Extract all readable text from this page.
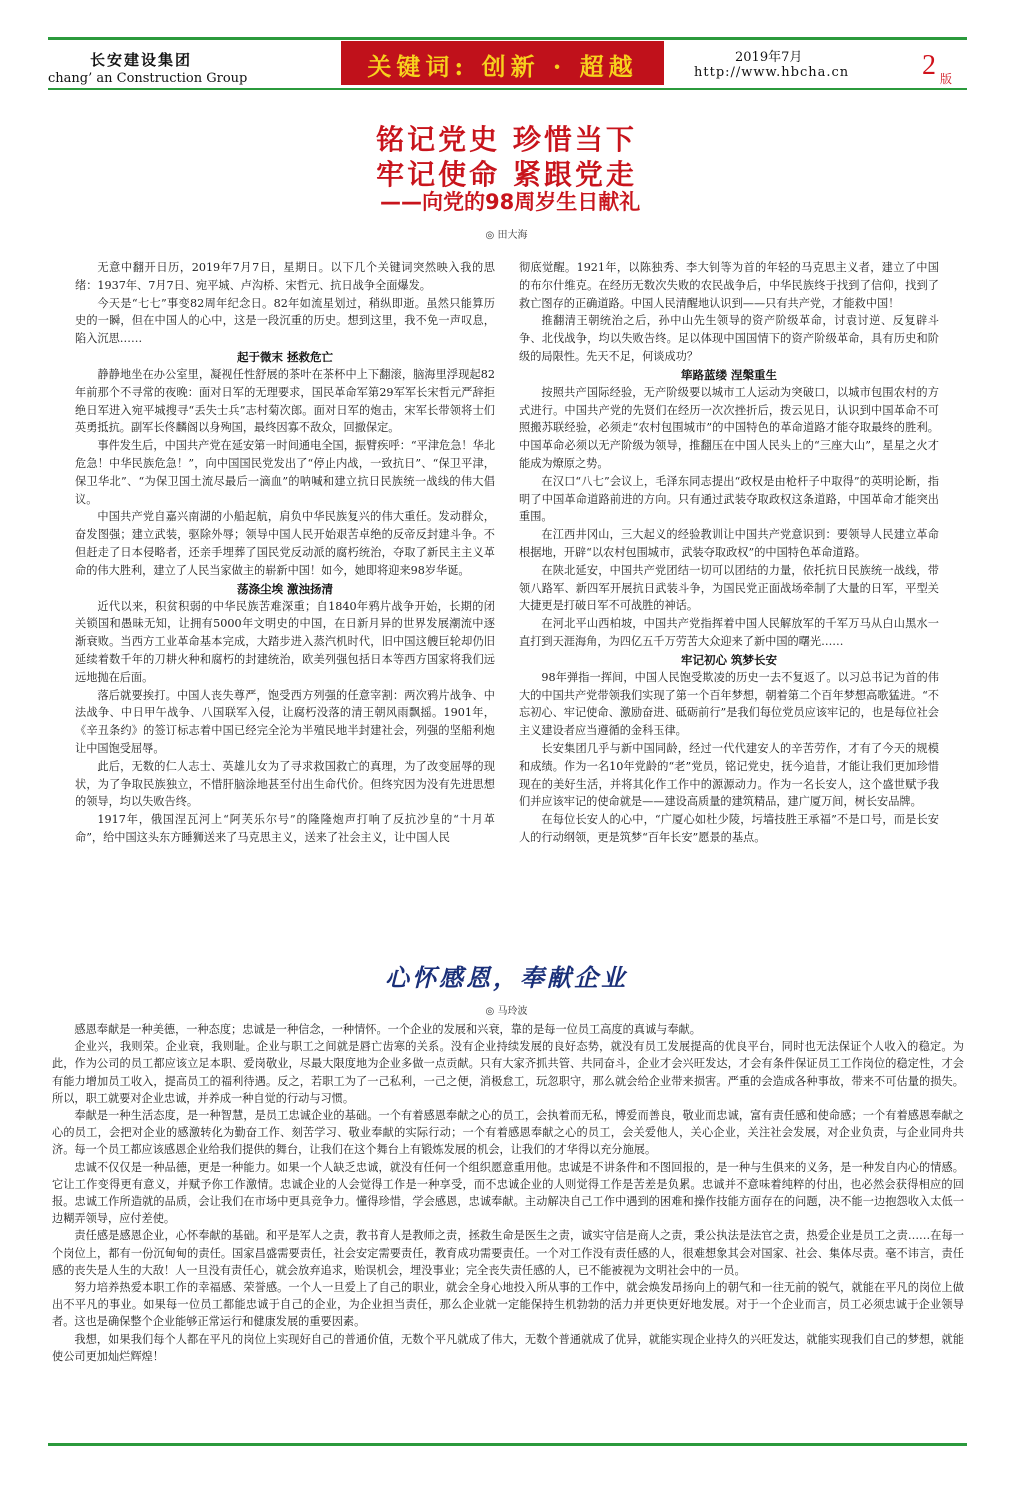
长安建设集团
chang’ an Construction Group	关键词: 创新 · 超越	2019年7月
http://www.hbcha.cn	2 版
铭记党史 珍惜当下
牢记使命 紧跟党走
——向党的98周岁生日献礼
◎ 田大海

无意中翻开日历，2019年7月7日，星期日。以下几个关键词突然映入我的思绪：1937年、7月7日、宛平城、卢沟桥、宋哲元、抗日战争全面爆发。

今天是“七七”事变82周年纪念日。82年如流星划过，稍纵即逝。虽然只能算历史的一瞬，但在中国人的心中，这是一段沉重的历史。想到这里，我不免一声叹息，陷入沉思……

起于微末 拯救危亡

静静地坐在办公室里，凝视任性舒展的茶叶在茶杯中上下翻滚，脑海里浮现起82年前那个不寻常的夜晚：面对日军的无理要求，国民革命军第29军军长宋哲元严辞拒绝日军进入宛平城搜寻“丢失士兵”志村菊次郎。面对日军的炮击，宋军长带领将士们英勇抵抗。副军长佟麟阁以身殉国，最终因寡不敌众，回撤保定。

事件发生后，中国共产党在延安第一时间通电全国，振臂疾呼：“平津危急！华北危急！中华民族危急！”，向中国国民党发出了“停止内战，一致抗日”、“保卫平津，保卫华北”、“为保卫国土流尽最后一滴血”的呐喊和建立抗日民族统一战线的伟大倡议。

中国共产党自嘉兴南湖的小船起航，肩负中华民族复兴的伟大重任。发动群众，奋发图强；建立武装，驱除外辱；领导中国人民开始艰苦卓绝的反帝反封建斗争。不但赶走了日本侵略者，还亲手埋葬了国民党反动派的腐朽统治，夺取了新民主主义革命的伟大胜利，建立了人民当家做主的崭新中国！如今，她即将迎来98岁华诞。

荡涤尘埃 激浊扬清

近代以来，积贫积弱的中华民族苦难深重；自1840年鸦片战争开始，长期的闭关锁国和愚昧无知，让拥有5000年文明史的中国，在日新月异的世界发展潮流中逐渐衰败。当西方工业革命基本完成，大踏步进入蒸汽机时代，旧中国这艘巨轮却仍旧延续着数千年的刀耕火种和腐朽的封建统治，欧美列强包括日本等西方国家将我们远远地抛在后面。

落后就要挨打。中国人丧失尊严，饱受西方列强的任意宰割：两次鸦片战争、中法战争、中日甲午战争、八国联军入侵，让腐朽没落的清王朝风雨飘摇。1901年，《辛丑条约》的签订标志着中国已经完全沦为半殖民地半封建社会，列强的坚船利炮让中国饱受屈辱。

此后，无数的仁人志士、英雄儿女为了寻求救国救亡的真理，为了改变屈辱的现状，为了争取民族独立，不惜肝脑涂地甚至付出生命代价。但终究因为没有先进思想的领导，均以失败告终。

1917年，俄国涅瓦河上“阿芙乐尔号”的隆隆炮声打响了反抗沙皇的“十月革命”，给中国这头东方睡狮送来了马克思主义，送来了社会主义，让中国人民

彻底觉醒。1921年，以陈独秀、李大钊等为首的年轻的马克思主义者，建立了中国的布尔什维克。在经历无数次失败的农民战争后，中华民族终于找到了信仰，找到了救亡图存的正确道路。中国人民清醒地认识到——只有共产党，才能救中国！

推翻清王朝统治之后，孙中山先生领导的资产阶级革命，讨袁讨逆、反复辟斗争、北伐战争，均以失败告终。足以体现中国国情下的资产阶级革命，具有历史和阶级的局限性。先天不足，何谈成功？

筚路蓝缕 涅槃重生

按照共产国际经验，无产阶级要以城市工人运动为突破口，以城市包围农村的方式进行。中国共产党的先贤们在经历一次次挫折后，拨云见日，认识到中国革命不可照搬苏联经验，必须走“农村包围城市”的中国特色的革命道路才能夺取最终的胜利。中国革命必须以无产阶级为领导，推翻压在中国人民头上的“三座大山”，星星之火才能成为燎原之势。

在汉口“八七”会议上，毛泽东同志提出“政权是由枪杆子中取得”的英明论断，指明了中国革命道路前进的方向。只有通过武装夺取政权这条道路，中国革命才能突出重围。

在江西井冈山，三大起义的经验教训让中国共产党意识到：要领导人民建立革命根据地，开辟“以农村包围城市，武装夺取政权”的中国特色革命道路。

在陕北延安，中国共产党团结一切可以团结的力量，依托抗日民族统一战线，带领八路军、新四军开展抗日武装斗争，为国民党正面战场牵制了大量的日军，平型关大捷更是打破日军不可战胜的神话。

在河北平山西柏坡，中国共产党指挥着中国人民解放军的千军万马从白山黑水一直打到天涯海角，为四亿五千万劳苦大众迎来了新中国的曙光……

牢记初心 筑梦长安

98年弹指一挥间，中国人民饱受欺凌的历史一去不复返了。以习总书记为首的伟大的中国共产党带领我们实现了第一个百年梦想，朝着第二个百年梦想高歌猛进。“不忘初心、牢记使命、激励奋进、砥砺前行”是我们每位党员应该牢记的，也是每位社会主义建设者应当遵循的金科玉律。

长安集团几乎与新中国同龄，经过一代代建安人的辛苦劳作，才有了今天的规模和成绩。作为一名10年党龄的“老”党员，铭记党史，抚今追昔，才能让我们更加珍惜现在的美好生活，并将其化作工作中的源源动力。作为一名长安人，这个盛世赋予我们并应该牢记的使命就是——建设高质量的建筑精品，建广厦万间，树长安品牌。

在每位长安人的心中，“广厦心如杜少陵，圬墙技胜王承福”不是口号，而是长安人的行动纲领，更是筑梦“百年长安”愿景的基点。

心怀感恩，奉献企业
◎ 马玲波

感恩奉献是一种美德，一种态度；忠诚是一种信念，一种情怀。一个企业的发展和兴衰，靠的是每一位员工高度的真诚与奉献。

企业兴，我则荣。企业衰，我则耻。企业与职工之间就是唇亡齿寒的关系。没有企业持续发展的良好态势，就没有员工发展提高的优良平台，同时也无法保证个人收入的稳定。为此，作为公司的员工都应该立足本职、爱岗敬业，尽最大限度地为企业多做一点贡献。只有大家齐抓共管、共同奋斗，企业才会兴旺发达，才会有条件保证员工工作岗位的稳定性，才会有能力增加员工收入，提高员工的福利待遇。反之，若职工为了一己私利，一己之便，消极怠工，玩忽职守，那么就会给企业带来损害。严重的会造成各种事故，带来不可估量的损失。所以，职工就要对企业忠诚，并养成一种自觉的行动与习惯。

奉献是一种生活态度，是一种智慧，是员工忠诚企业的基础。一个有着感恩奉献之心的员工，会执着而无私，博爱而善良，敬业而忠诚，富有责任感和使命感；一个有着感恩奉献之心的员工，会把对企业的感激转化为勤奋工作、刻苦学习、敬业奉献的实际行动；一个有着感恩奉献之心的员工，会关爱他人，关心企业，关注社会发展，对企业负责，与企业同舟共济。每一个员工都应该感恩企业给我们提供的舞台，让我们在这个舞台上有锻炼发展的机会，让我们的才华得以充分施展。

忠诚不仅仅是一种品德，更是一种能力。如果一个人缺乏忠诚，就没有任何一个组织愿意重用他。忠诚是不讲条件和不图回报的，是一种与生俱来的义务，是一种发自内心的情感。它让工作变得更有意义，并赋予你工作激情。忠诚企业的人会觉得工作是一种享受，而不忠诚企业的人则觉得工作是苦差是负累。忠诚并不意味着纯粹的付出，也必然会获得相应的回报。忠诚工作所造就的品质，会让我们在市场中更具竞争力。懂得珍惜，学会感恩，忠诚奉献。主动解决自己工作中遇到的困难和操作技能方面存在的问题，决不能一边抱怨收入太低一边糊弄领导，应付差使。

责任感是感恩企业，心怀奉献的基础。和平是军人之责，教书育人是教师之责，拯救生命是医生之责，诚实守信是商人之责，秉公执法是法官之责，热爱企业是员工之责……在每一个岗位上，都有一份沉甸甸的责任。国家昌盛需要责任，社会安定需要责任，教育成功需要责任。一个对工作没有责任感的人，很难想象其会对国家、社会、集体尽责。毫不讳言，责任感的丧失是人生的大敌！人一旦没有责任心，就会放弃追求，贻误机会，埋没事业；完全丧失责任感的人，已不能被视为文明社会中的一员。

努力培养热爱本职工作的幸福感、荣誉感。一个人一旦爱上了自己的职业，就会全身心地投入所从事的工作中，就会焕发昂扬向上的朝气和一往无前的锐气，就能在平凡的岗位上做出不平凡的事业。如果每一位员工都能忠诚于自己的企业，为企业担当责任，那么企业就一定能保持生机勃勃的活力并更快更好地发展。对于一个企业而言，员工必须忠诚于企业领导者。这也是确保整个企业能够正常运行和健康发展的重要因素。

我想，如果我们每个人都在平凡的岗位上实现好自己的普通价值，无数个平凡就成了伟大，无数个普通就成了优异，就能实现企业持久的兴旺发达，就能实现我们自己的梦想，就能使公司更加灿烂辉煌！
